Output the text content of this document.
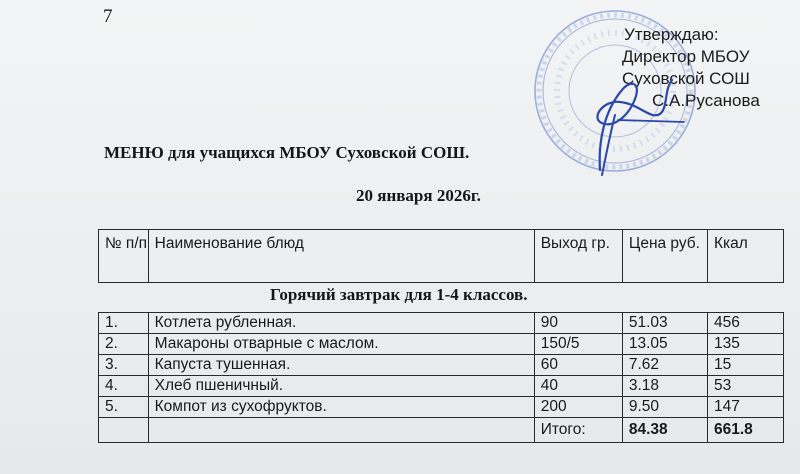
7
Утверждаю:
Директор МБОУ
Суховской СОШ
С.А.Русанова
МЕНЮ для учащихся МБОУ Суховской СОШ.
20 января 2026г.
№ п/п	Наименование блюд	Выход гр.	Цена руб.	Ккал
Горячий завтрак для 1-4 классов.
1.	Котлета рубленная.	90	51.03	456
2.	Макароны отварные с маслом.	150/5	13.05	135
3.	Капуста тушенная.	60	7.62	15
4.	Хлеб пшеничный.	40	3.18	53
5.	Компот из сухофруктов.	200	9.50	147
		Итого:	84.38	661.8
